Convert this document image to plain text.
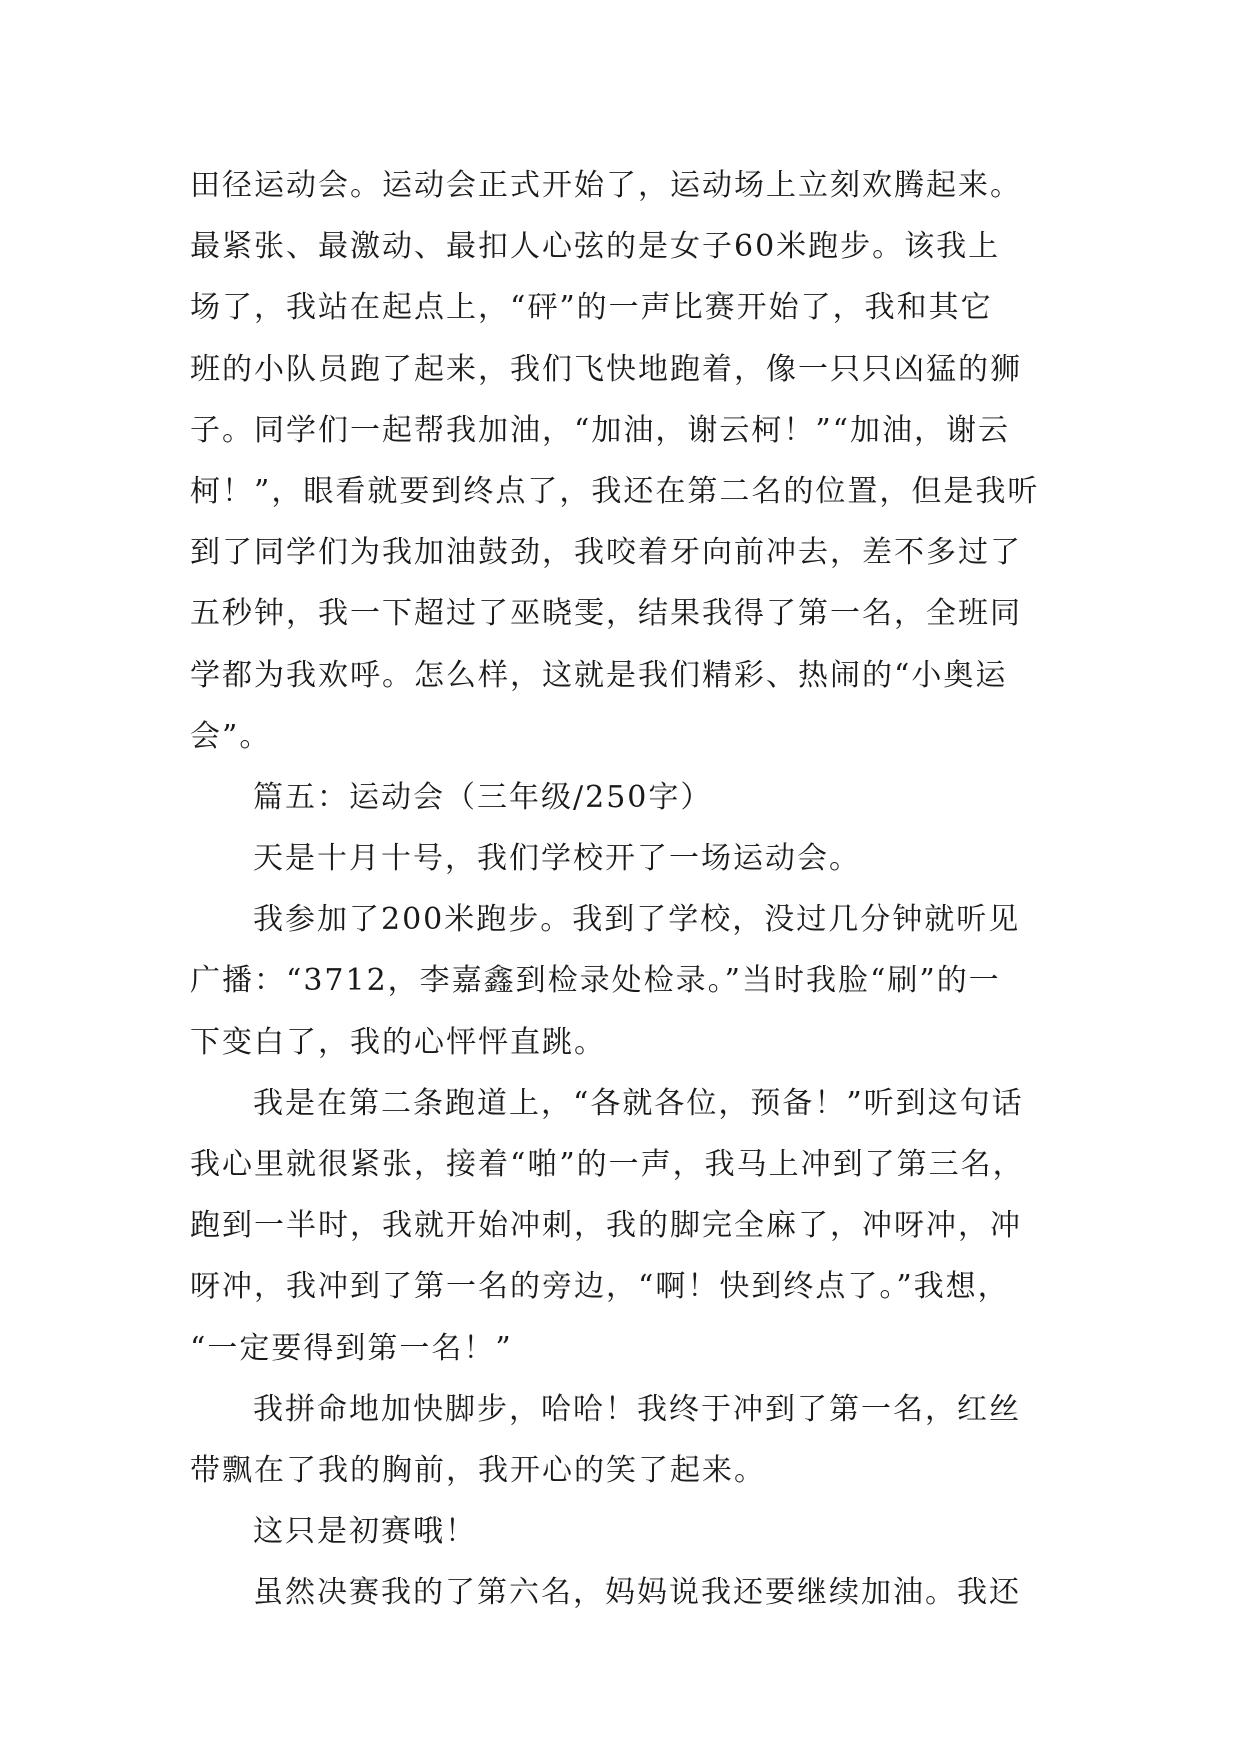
田径运动会。运动会正式开始了，运动场上立刻欢腾起来。
最紧张、最激动、最扣人心弦的是女子60米跑步。该我上
场了，我站在起点上，“砰”的一声比赛开始了，我和其它
班的小队员跑了起来，我们飞快地跑着，像一只只凶猛的狮
子。同学们一起帮我加油，“加油，谢云柯！”“加油，谢云
柯！”，眼看就要到终点了，我还在第二名的位置，但是我听
到了同学们为我加油鼓劲，我咬着牙向前冲去，差不多过了
五秒钟，我一下超过了巫晓雯，结果我得了第一名，全班同
学都为我欢呼。怎么样，这就是我们精彩、热闹的“小奥运
会”。
篇五：运动会（三年级/250字）
天是十月十号，我们学校开了一场运动会。
我参加了200米跑步。我到了学校，没过几分钟就听见
广播：“3712，李嘉鑫到检录处检录。”当时我脸“刷”的一
下变白了，我的心怦怦直跳。
我是在第二条跑道上，“各就各位，预备！”听到这句话
我心里就很紧张，接着“啪”的一声，我马上冲到了第三名，
跑到一半时，我就开始冲刺，我的脚完全麻了，冲呀冲，冲
呀冲，我冲到了第一名的旁边，“啊！快到终点了。”我想，
“一定要得到第一名！”
我拼命地加快脚步，哈哈！我终于冲到了第一名，红丝
带飘在了我的胸前，我开心的笑了起来。
这只是初赛哦！
虽然决赛我的了第六名，妈妈说我还要继续加油。我还
